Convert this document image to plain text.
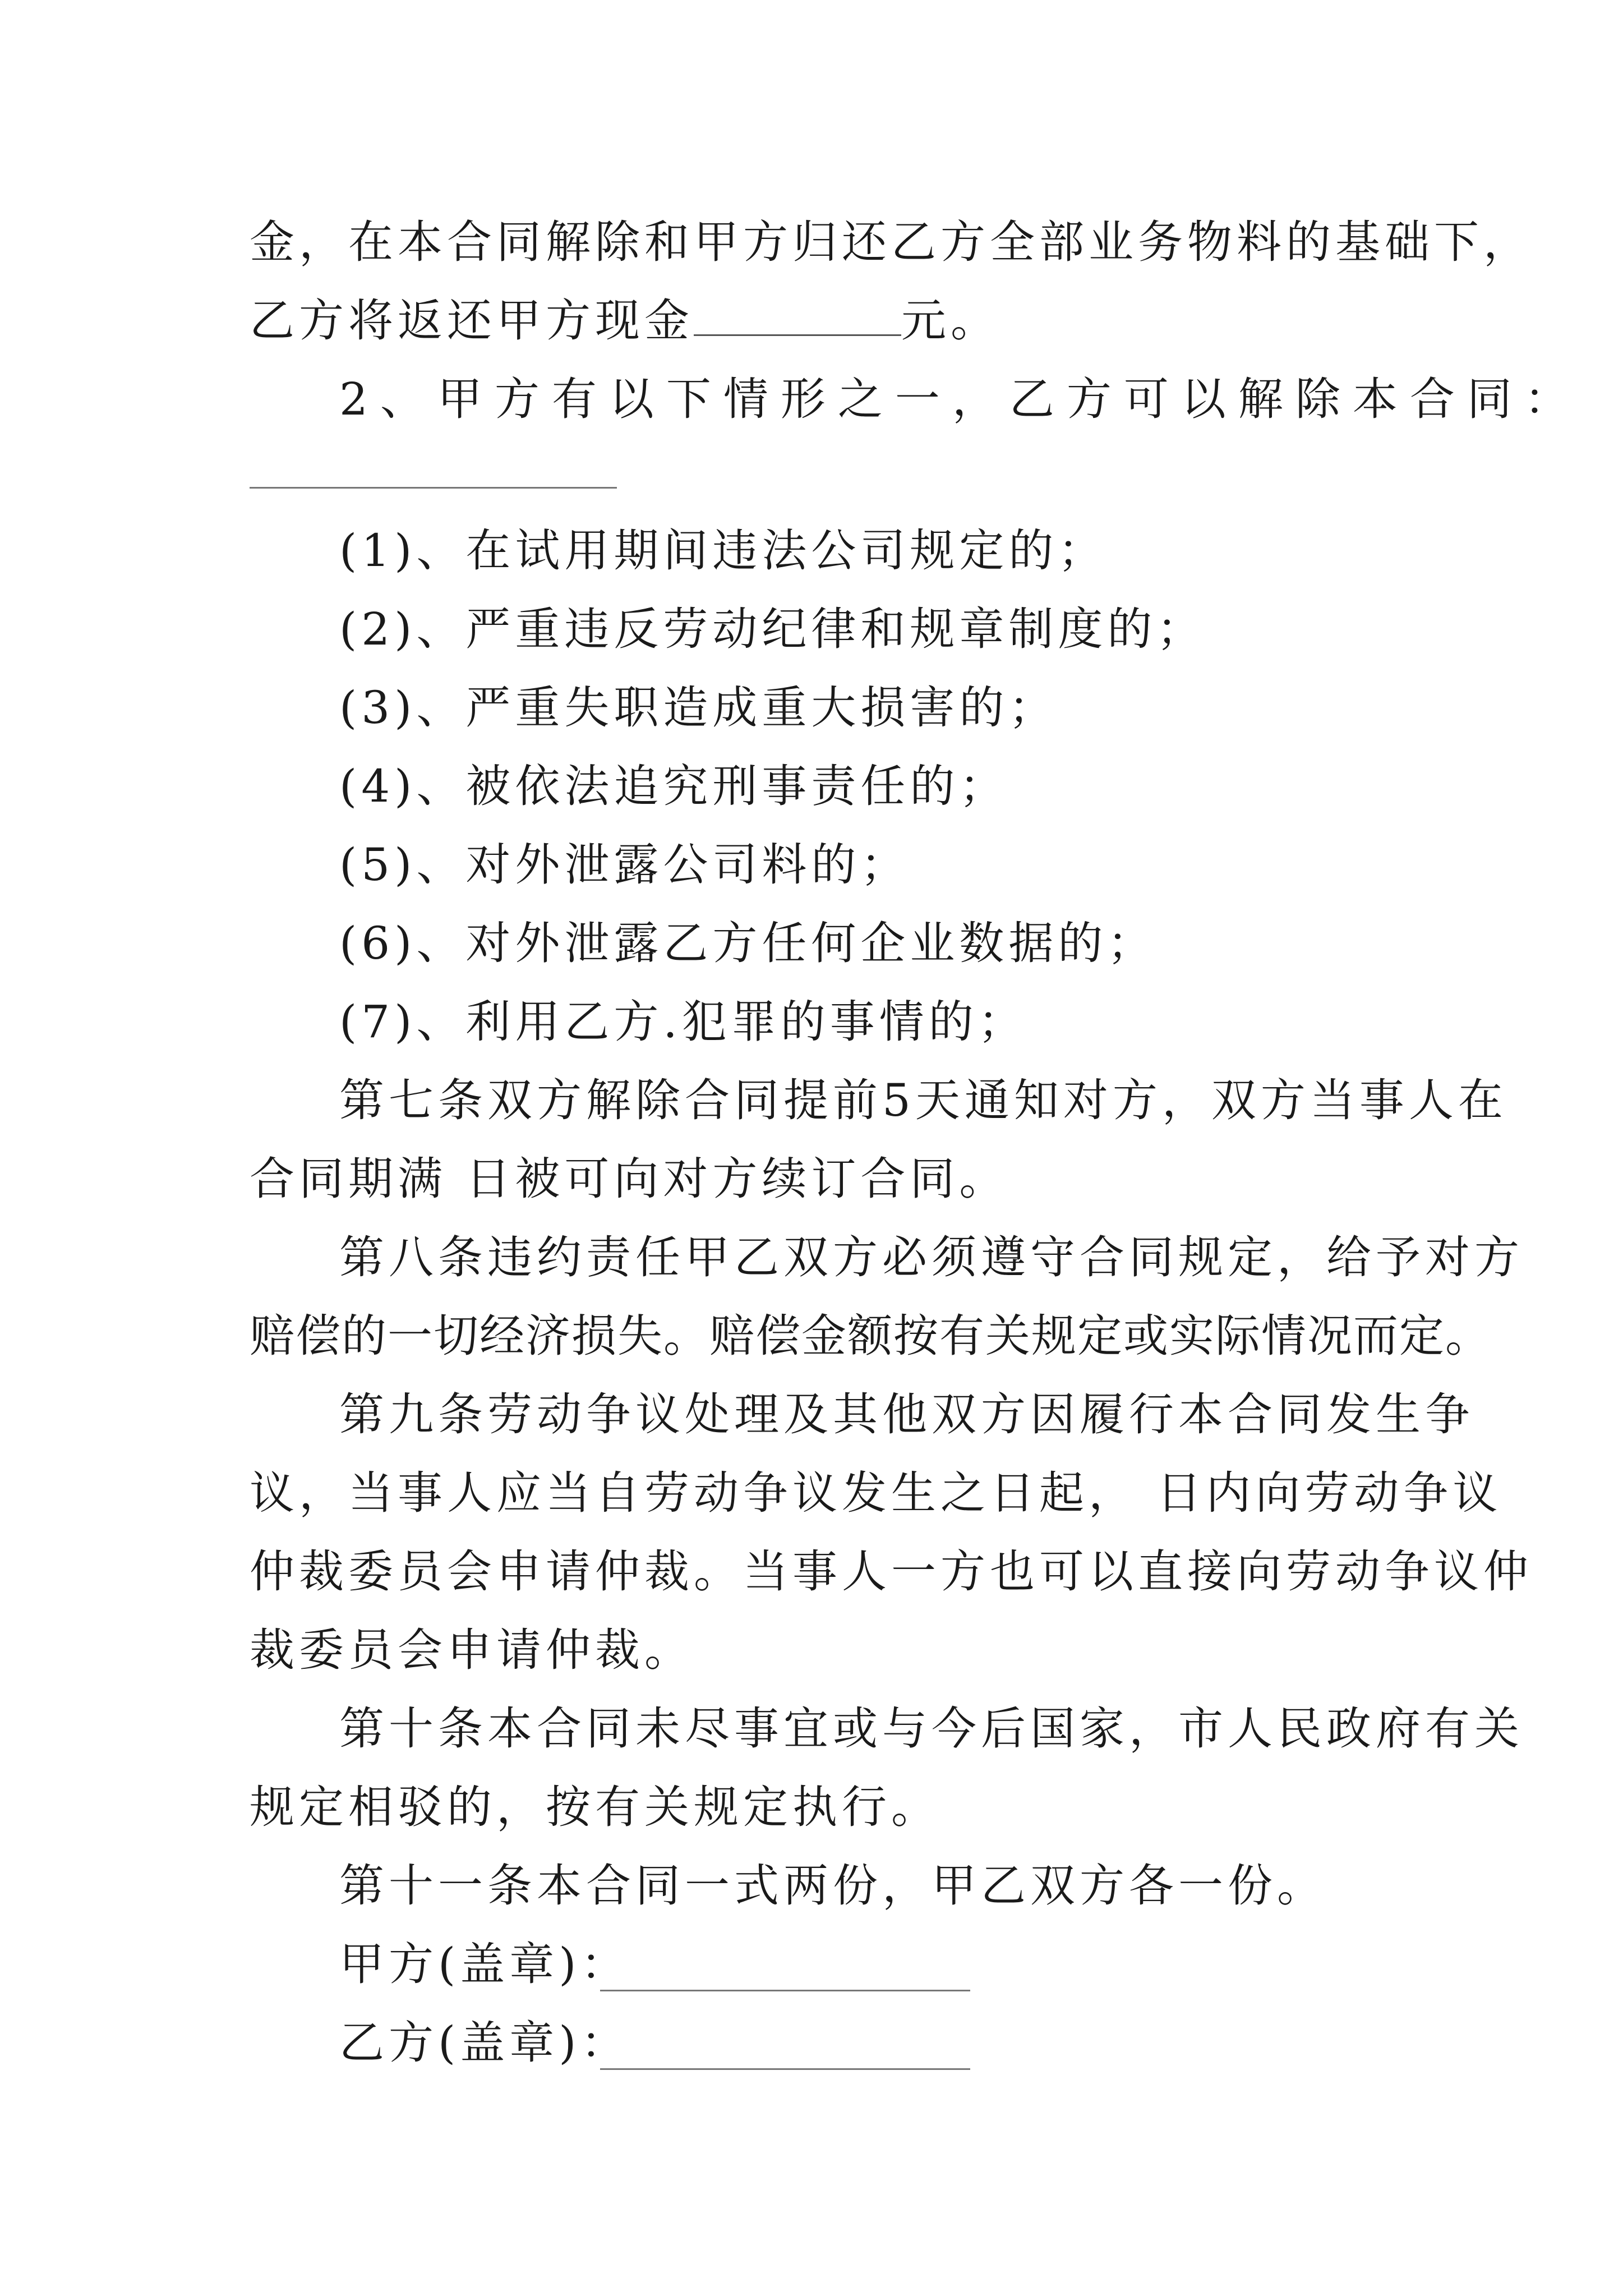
金，在本合同解除和甲方归还乙方全部业务物料的基础下，
乙方将返还甲方现金	元。
2、甲方有以下情形之一，乙方可以解除本合同：
(1)、在试用期间违法公司规定的；
(2)、严重违反劳动纪律和规章制度的；
(3)、严重失职造成重大损害的；
(4)、被依法追究刑事责任的；
(5)、对外泄露公司料的；
(6)、对外泄露乙方任何企业数据的；
(7)、利用乙方.犯罪的事情的；
第七条双方解除合同提前5天通知对方，双方当事人在
合同期满 日被可向对方续订合同。
第八条违约责任甲乙双方必须遵守合同规定，给予对方
赔偿的一切经济损失。赔偿金额按有关规定或实际情况而定。
第九条劳动争议处理及其他双方因履行本合同发生争
议，当事人应当自劳动争议发生之日起， 日内向劳动争议
仲裁委员会申请仲裁。当事人一方也可以直接向劳动争议仲
裁委员会申请仲裁。
第十条本合同未尽事宜或与今后国家，市人民政府有关
规定相驳的，按有关规定执行。
第十一条本合同一式两份，甲乙双方各一份。
甲方(盖章)：
乙方(盖章)：
